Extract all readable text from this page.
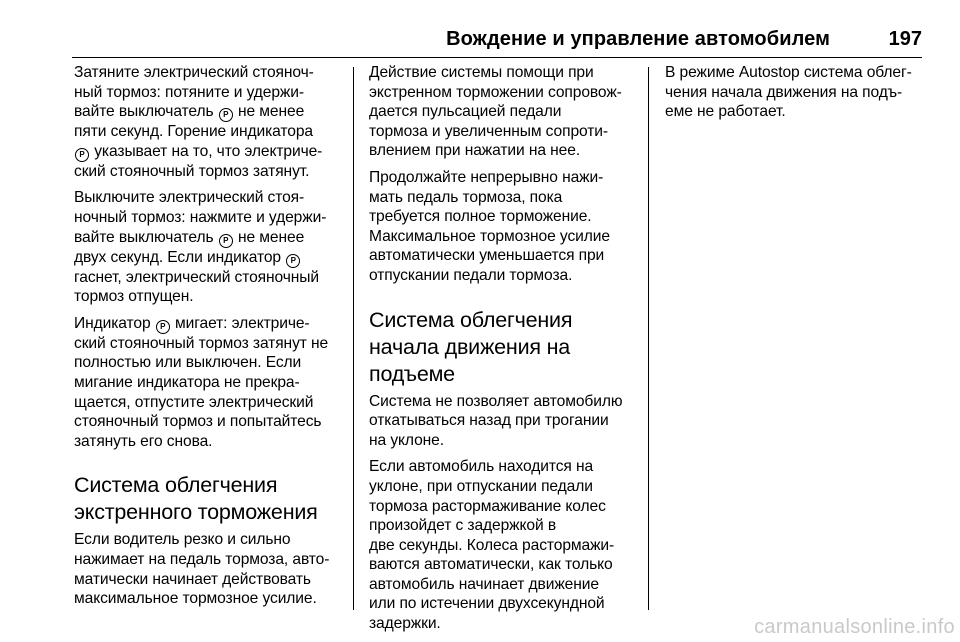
Вождение и управление автомобилем	197

Затяните электрический стояноч-
ный тормоз: потяните и удержи-
вайте выключатель P не менее
пяти секунд. Горение индикатора
P указывает на то, что электриче-
ский стояночный тормоз затянут.

Выключите электрический стоя-
ночный тормоз: нажмите и удержи-
вайте выключатель P не менее
двух секунд. Если индикатор P
гаснет, электрический стояночный
тормоз отпущен.

Индикатор P мигает: электриче-
ский стояночный тормоз затянут не
полностью или выключен. Если
мигание индикатора не прекра-
щается, отпустите электрический
стояночный тормоз и попытайтесь
затянуть его снова.

Система облегчения
экстренного торможения

Если водитель резко и сильно
нажимает на педаль тормоза, авто-
матически начинает действовать
максимальное тормозное усилие.

Действие системы помощи при
экстренном торможении сопровож-
дается пульсацией педали
тормоза и увеличенным сопроти-
влением при нажатии на нее.

Продолжайте непрерывно нажи-
мать педаль тормоза, пока
требуется полное торможение.
Максимальное тормозное усилие
автоматически уменьшается при
отпускании педали тормоза.

Система облегчения
начала движения на
подъеме

Система не позволяет автомобилю
откатываться назад при трогании
на уклоне.

Если автомобиль находится на
уклоне, при отпускании педали
тормоза растормаживание колес
произойдет с задержкой в
две секунды. Колеса растормажи-
ваются автоматически, как только
автомобиль начинает движение
или по истечении двухсекундной
задержки.

В режиме Autostop система облег-
чения начала движения на подъ-
еме не работает.

carmanualsonline.info
